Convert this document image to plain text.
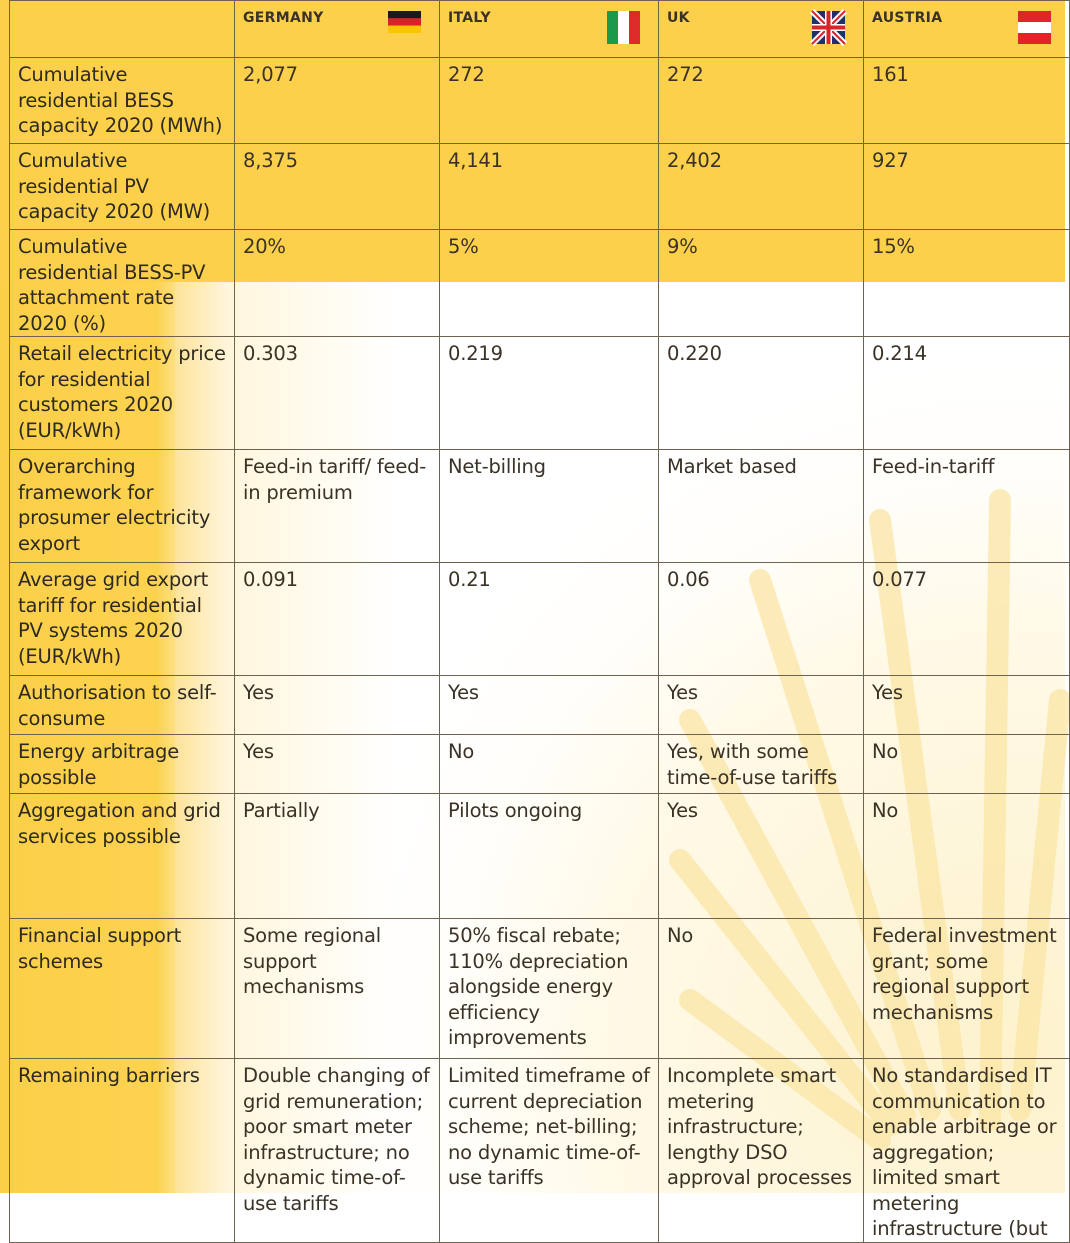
	GERMANY	ITALY	UK	AUSTRIA

Cumulative residential BESS capacity 2020 (MWh)	2,077	272	272	161
Cumulative residential PV capacity 2020 (MW)	8,375	4,141	2,402	927
Cumulative residential BESS-PV attachment rate 2020 (%)	20%	5%	9%	15%
Retail electricity price for residential customers 2020 (EUR/kWh)	0.303	0.219	0.220	0.214
Overarching framework for prosumer electricity export	Feed-in tariff/ feed-in premium	Net-billing	Market based	Feed-in-tariff
Average grid export tariff for residential PV systems 2020 (EUR/kWh)	0.091	0.21	0.06	0.077
Authorisation to self-consume	Yes	Yes	Yes	Yes
Energy arbitrage possible	Yes	No	Yes, with some time-of-use tariffs	No
Aggregation and grid services possible	Partially	Pilots ongoing	Yes	No
Financial support schemes	Some regional support mechanisms	50% fiscal rebate; 110% depreciation alongside energy efficiency improvements	No	Federal investment grant; some regional support mechanisms
Remaining barriers	Double changing of grid remuneration; poor smart meter infrastructure; no dynamic time-of-use tariffs	Limited timeframe of current depreciation scheme; net-billing; no dynamic time-of-use tariffs	Incomplete smart metering infrastructure; lengthy DSO approval processes	No standardised IT communication to enable arbitrage or aggregation; limited smart metering infrastructure (but
